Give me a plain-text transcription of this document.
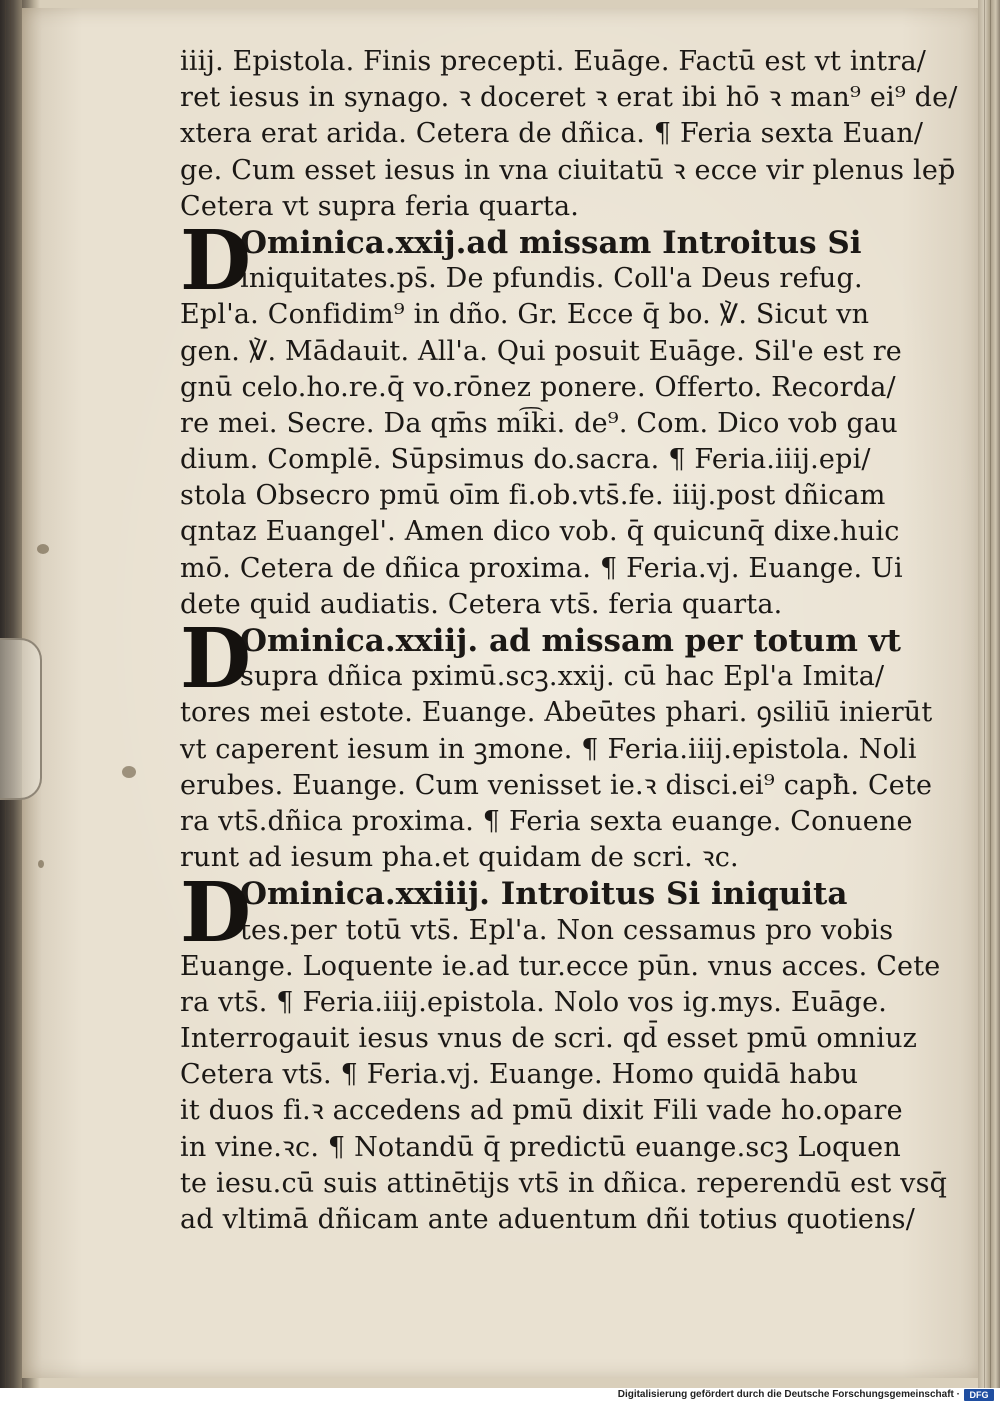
iiij. Epistola. Finis precepti. Euāge. Factū est vt intra/
ret iesus in synago. ꝛ doceret ꝛ erat ibi hō ꝛ man⁹ ei⁹ de/
xtera erat arida. Cetera de dñica. ¶ Feria sexta Euan/
ge. Cum esset iesus in vna ciuitatū ꝛ ecce vir plenus lep̄
Cetera vt supra feria quarta.
Ominica.xxij.ad missam Introitus Si
iniquitates.ps̄. De pfundis. Coll'a Deus refug.
Epl'a. Confidim⁹ in dño. Gr. Ecce q̄ bo. ℣. Sicut vn
gen. ℣. Mādauit. All'a. Qui posuit Euāge. Sil'e est re
gnū celo.ho.re.q̄ vo.rōnez ponere. Offerto. Recorda/
re mei. Secre. Da qm̄s mi͡ki. de⁹. Com. Dico vob gau
dium. Complē. Sūpsimus do.sacra. ¶ Feria.iiij.epi/
stola Obsecro pmū oīm fi.ob.vts̄.fe. iiij.post dñicam
qntaz Euangel'. Amen dico vob. q̄ quicunq̄ dixe.huic
mō. Cetera de dñica proxima. ¶ Feria.vj. Euange. Ui
dete quid audiatis. Cetera vts̄. feria quarta.
Ominica.xxiij. ad missam per totum vt
supra dñica pximū.scꝫ.xxij. cū hac Epl'a Imita/
tores mei estote. Euange. Abeūtes phari. ꝯsiliū inierūt
vt caperent iesum in ꝫmone. ¶ Feria.iiij.epistola. Noli
erubes. Euange. Cum venisset ie.ꝛ disci.ei⁹ capħ. Cete
ra vts̄.dñica proxima. ¶ Feria sexta euange. Conuene
runt ad iesum pha.et quidam de scri. ꝛc.
Ominica.xxiiij. Introitus Si iniquita
tes.per totū vts̄. Epl'a. Non cessamus pro vobis
Euange. Loquente ie.ad tur.ecce pūn. vnus acces. Cete
ra vts̄. ¶ Feria.iiij.epistola. Nolo vos ig.mys. Euāge.
Interrogauit iesus vnus de scri. qd̄ esset pmū omniuz
Cetera vts̄. ¶ Feria.vj. Euange. Homo quidā habu
it duos fi.ꝛ accedens ad pmū dixit Fili vade ho.opare
in vine.ꝛc. ¶ Notandū q̄ predictū euange.scꝫ Loquen
te iesu.cū suis attinētijs vts̄ in dñica. reperendū est vsq̄
ad vltimā dñicam ante aduentum dñi totius quotiens/
Digitalisierung gefördert durch die Deutsche Forschungsgemeinschaft ·	DFG
D
D
D
